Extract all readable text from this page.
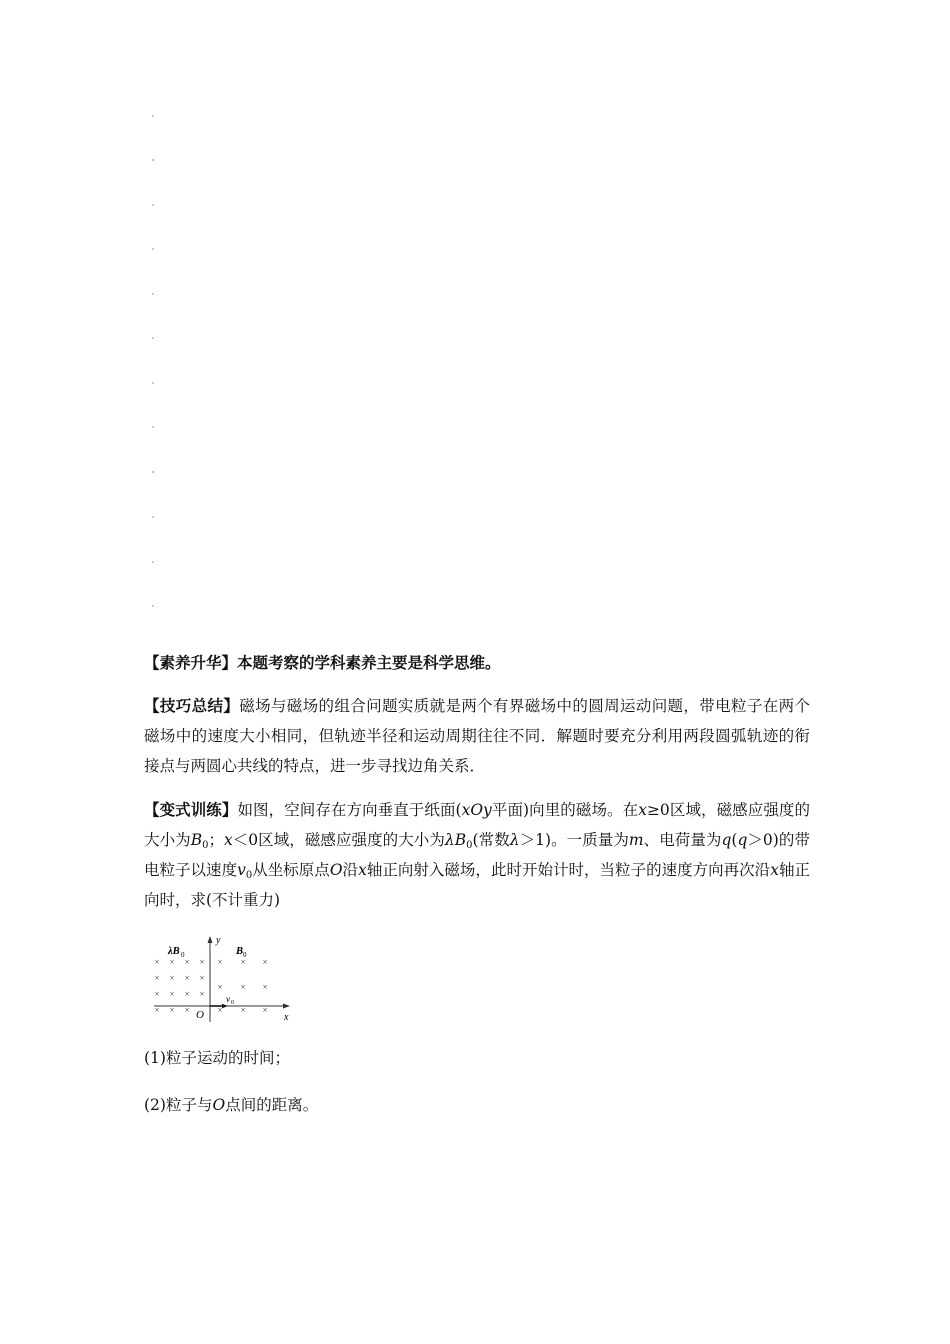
【素养升华】本题考察的学科素养主要是科学思维。
【技巧总结】磁场与磁场的组合问题实质就是两个有界磁场中的圆周运动问题，带电粒子在两个磁场中的速度大小相同，但轨迹半径和运动周期往往不同．解题时要充分利用两段圆弧轨迹的衔接点与两圆心共线的特点，进一步寻找边角关系．
【变式训练】如图，空间存在方向垂直于纸面(xOy平面)向里的磁场。在x≥0区域，磁感应强度的大小为$B_0$；x＜0区域，磁感应强度的大小为$\lambda B_0$(常数λ＞1)。一质量为m、电荷量为q(q＞0)的带电粒子以速度$v_0$从坐标原点O沿x轴正向射入磁场，此时开始计时，当粒子的速度方向再次沿x轴正向时，求(不计重力)
y
x
O
λB 0	B 0
v 0
× × × ×
× × × ×
× × × ×
× × ×
× × ×
× × ×
× × ×
(1)粒子运动的时间；
(2)粒子与O点间的距离。
